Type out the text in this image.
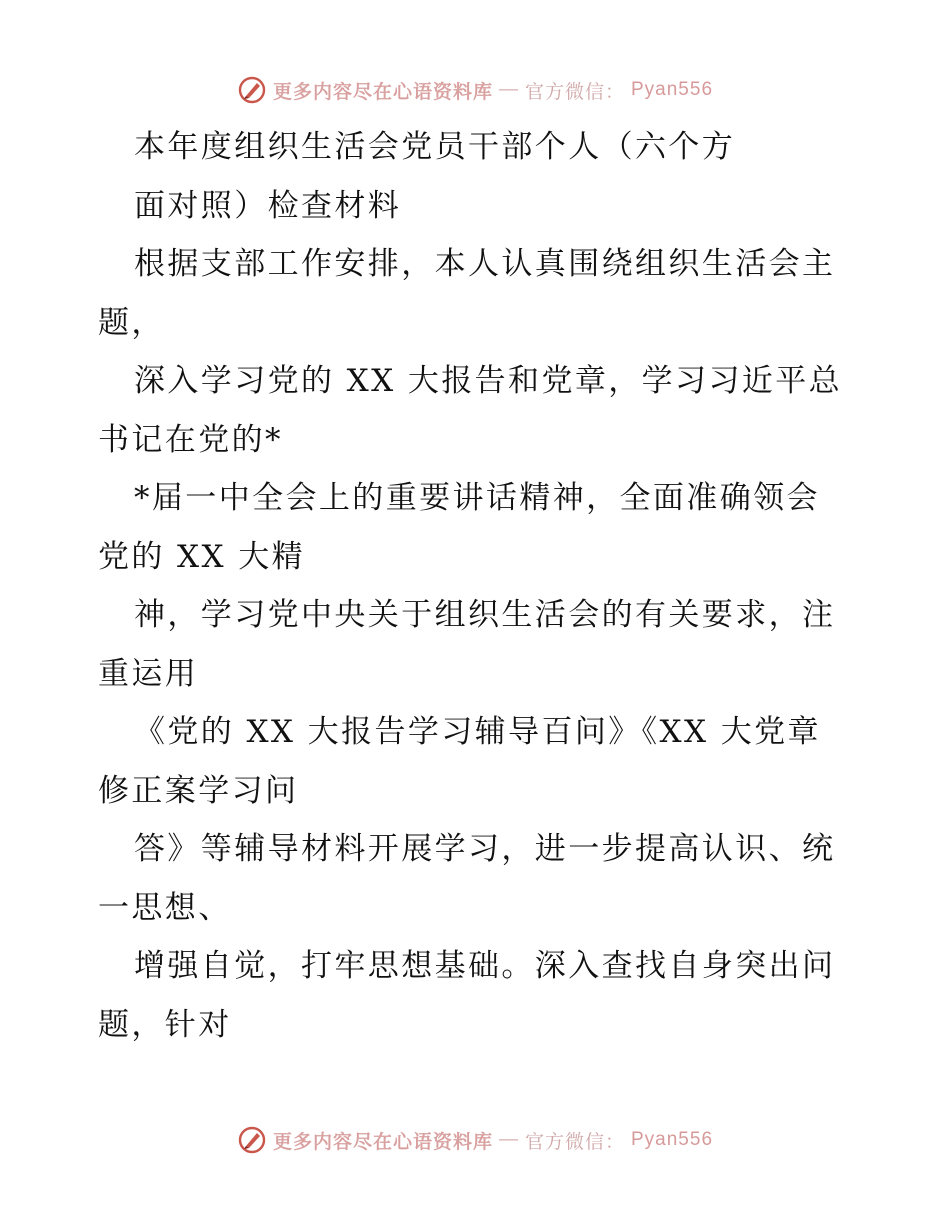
更多内容尽在心语资料库 — 官方微信： Pyan556
本年度组织生活会党员干部个人（六个方
面对照）检查材料
根据支部工作安排，本人认真围绕组织生活会主
题，
深入学习党的 XX 大报告和党章，学习习近平总
书记在党的*
*届一中全会上的重要讲话精神，全面准确领会
党的 XX 大精
神，学习党中央关于组织生活会的有关要求，注
重运用
《党的 XX 大报告学习辅导百问》《XX 大党章
修正案学习问
答》等辅导材料开展学习，进一步提高认识、统
一思想、
增强自觉，打牢思想基础。深入查找自身突出问
题，针对
更多内容尽在心语资料库 — 官方微信： Pyan556
